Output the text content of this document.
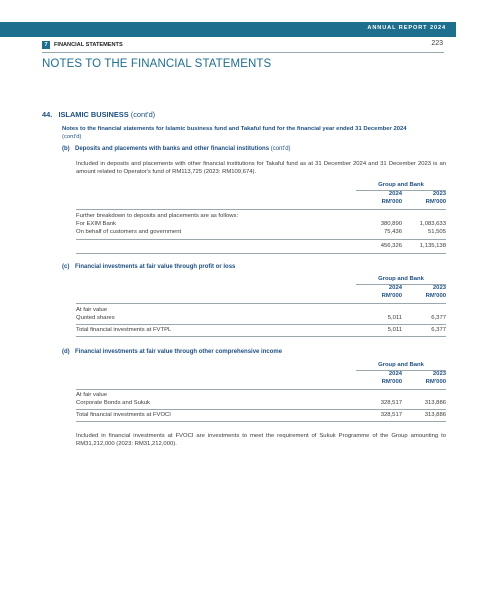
ANNUAL REPORT 2024
7	FINANCIAL STATEMENTS	223
NOTES TO THE FINANCIAL STATEMENTS
44. ISLAMIC BUSINESS (cont'd)
Notes to the financial statements for Islamic business fund and Takaful fund for the financial year ended 31 December 2024
(cont'd)
(b) Deposits and placements with banks and other financial institutions (cont'd)
Included in deposits and placements with other financial institutions for Takaful fund as at 31 December 2024 and 31 December 2023 is an amount related to Operator's fund of RM113,725 (2023: RM109,674).
Group and Bank
2024	2023
RM'000	RM'000
Further breakdown to deposits and placements are as follows:
For EXIM Bank	380,890	1,083,633
On behalf of customers and government	75,436	51,505
456,326	1,135,138
(c) Financial investments at fair value through profit or loss
Group and Bank
2024	2023
RM'000	RM'000
At fair value
Quoted shares	5,011	6,377
Total financial investments at FVTPL	5,011	6,377
(d) Financial investments at fair value through other comprehensive income
Group and Bank
2024	2023
RM'000	RM'000
At fair value
Corporate Bonds and Sukuk	328,517	313,886
Total financial investments at FVOCI	328,517	313,886
Included in financial investments at FVOCI are investments to meet the requirement of Sukuk Programme of the Group amounting to RM31,212,000 (2023: RM31,212,000).
